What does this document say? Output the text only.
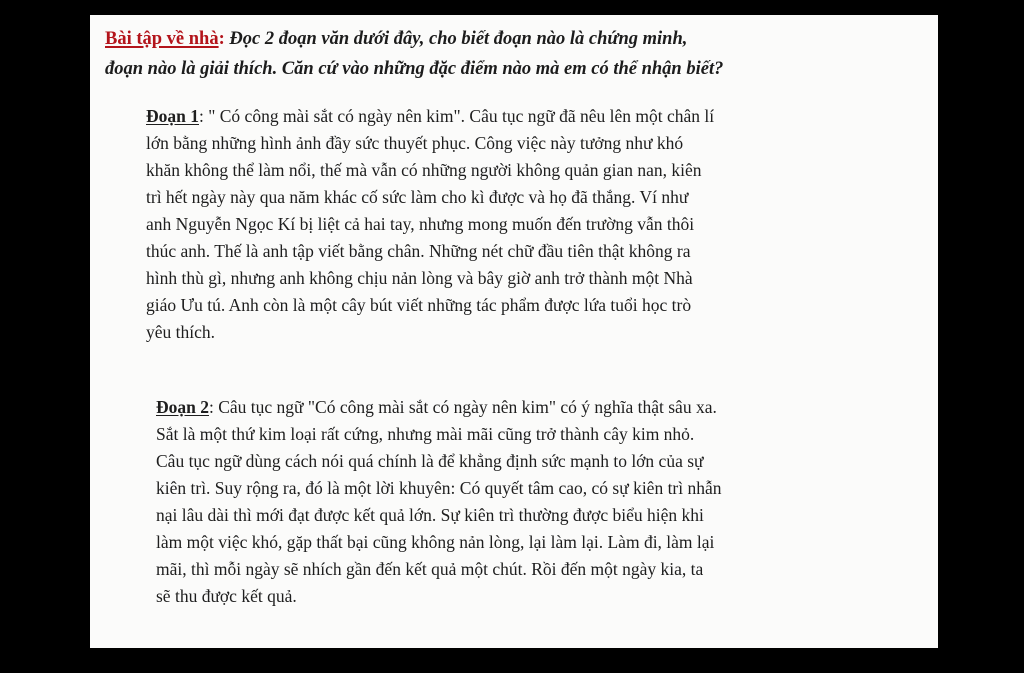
Bài tập về nhà: Đọc 2 đoạn văn dưới đây, cho biết đoạn nào là chứng minh,
đoạn nào là giải thích. Căn cứ vào những đặc điểm nào mà em có thể nhận biết?
Đoạn 1: " Có công mài sắt có ngày nên kim". Câu tục ngữ đã nêu lên một chân lí
lớn bằng những hình ảnh đầy sức thuyết phục. Công việc này tưởng như khó
khăn không thể làm nổi, thế mà vẫn có những người không quản gian nan, kiên
trì hết ngày này qua năm khác cố sức làm cho kì được và họ đã thắng. Ví như
anh Nguyễn Ngọc Kí bị liệt cả hai tay, nhưng mong muốn đến trường vẫn thôi
thúc anh. Thế là anh tập viết bằng chân. Những nét chữ đầu tiên thật không ra
hình thù gì, nhưng anh không chịu nản lòng và bây giờ anh trở thành một Nhà
giáo Ưu tú. Anh còn là một cây bút viết những tác phẩm được lứa tuổi học trò
yêu thích.
Đoạn 2: Câu tục ngữ "Có công mài sắt có ngày nên kim" có ý nghĩa thật sâu xa.
Sắt là một thứ kim loại rất cứng, nhưng mài mãi cũng trở thành cây kim nhỏ.
Câu tục ngữ dùng cách nói quá chính là để khẳng định sức mạnh to lớn của sự
kiên trì. Suy rộng ra, đó là một lời khuyên: Có quyết tâm cao, có sự kiên trì nhẫn
nại lâu dài thì mới đạt được kết quả lớn. Sự kiên trì thường được biểu hiện khi
làm một việc khó, gặp thất bại cũng không nản lòng, lại làm lại. Làm đi, làm lại
mãi, thì mỗi ngày sẽ nhích gần đến kết quả một chút. Rồi đến một ngày kia, ta
sẽ thu được kết quả.
